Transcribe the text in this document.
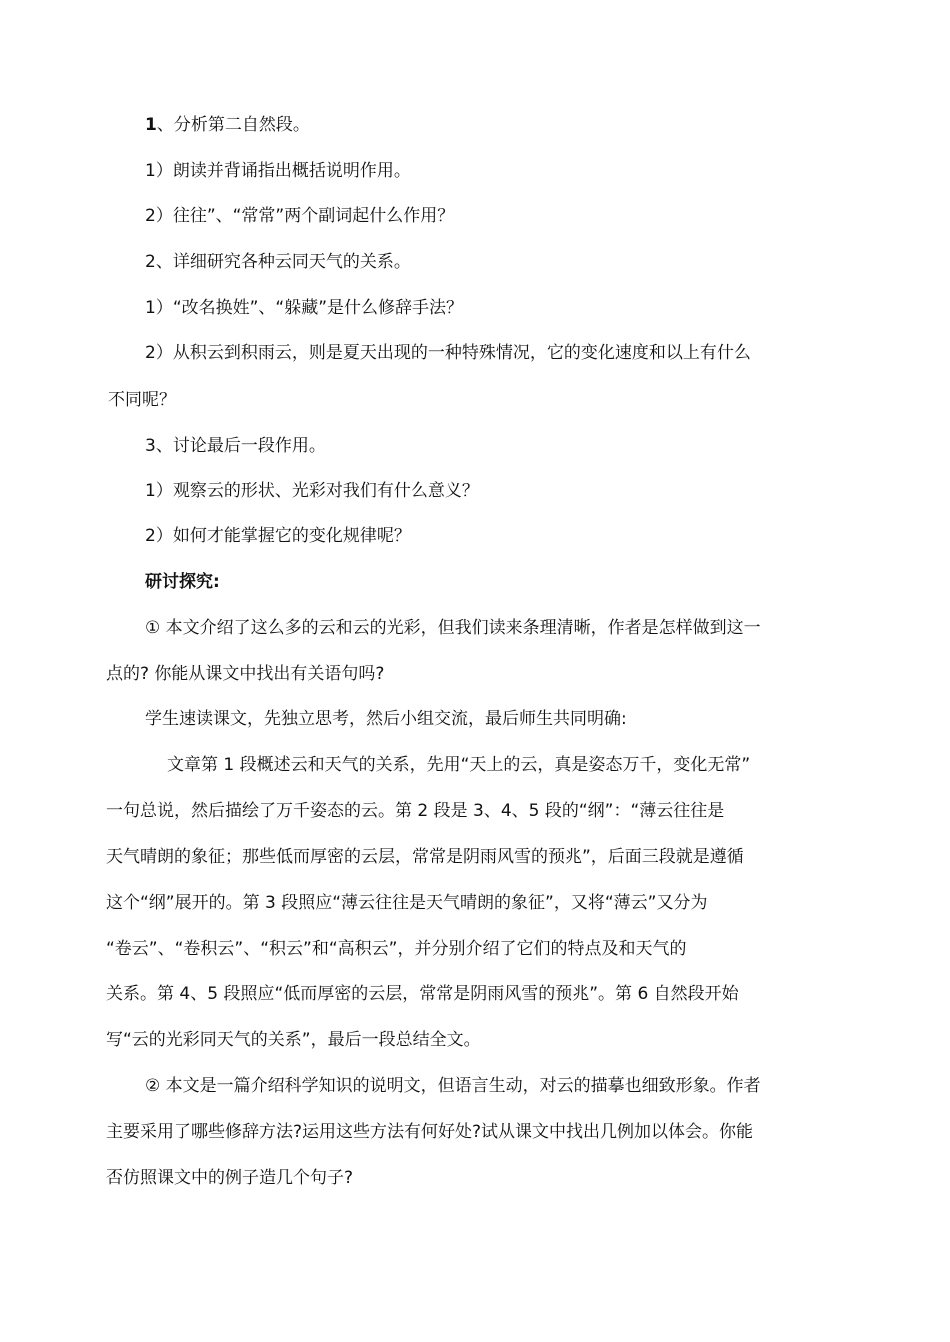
1、分析第二自然段。
1）朗读并背诵指出概括说明作用。
2）往往”、“常常”两个副词起什么作用？
2、详细研究各种云同天气的关系。
1）“改名换姓”、“躲藏”是什么修辞手法？
2）从积云到积雨云，则是夏天出现的一种特殊情况，它的变化速度和以上有什么
不同呢？
3、讨论最后一段作用。
1）观察云的形状、光彩对我们有什么意义？
2）如何才能掌握它的变化规律呢？
研讨探究:
① 本文介绍了这么多的云和云的光彩，但我们读来条理清晰，作者是怎样做到这一
点的? 你能从课文中找出有关语句吗?
学生速读课文，先独立思考，然后小组交流，最后师生共同明确:
文章第 1 段概述云和天气的关系，先用“天上的云，真是姿态万千，变化无常”
一句总说，然后描绘了万千姿态的云。第 2 段是 3、4、5 段的“纲”：“薄云往往是
天气晴朗的象征；那些低而厚密的云层，常常是阴雨风雪的预兆”，后面三段就是遵循
这个“纲”展开的。第 3 段照应“薄云往往是天气晴朗的象征”，又将“薄云”又分为
“卷云”、“卷积云”、“积云”和“高积云”，并分别介绍了它们的特点及和天气的
关系。第 4、5 段照应“低而厚密的云层，常常是阴雨风雪的预兆”。第 6 自然段开始
写“云的光彩同天气的关系”，最后一段总结全文。
② 本文是一篇介绍科学知识的说明文，但语言生动，对云的描摹也细致形象。作者
主要采用了哪些修辞方法?运用这些方法有何好处?试从课文中找出几例加以体会。你能
否仿照课文中的例子造几个句子?
